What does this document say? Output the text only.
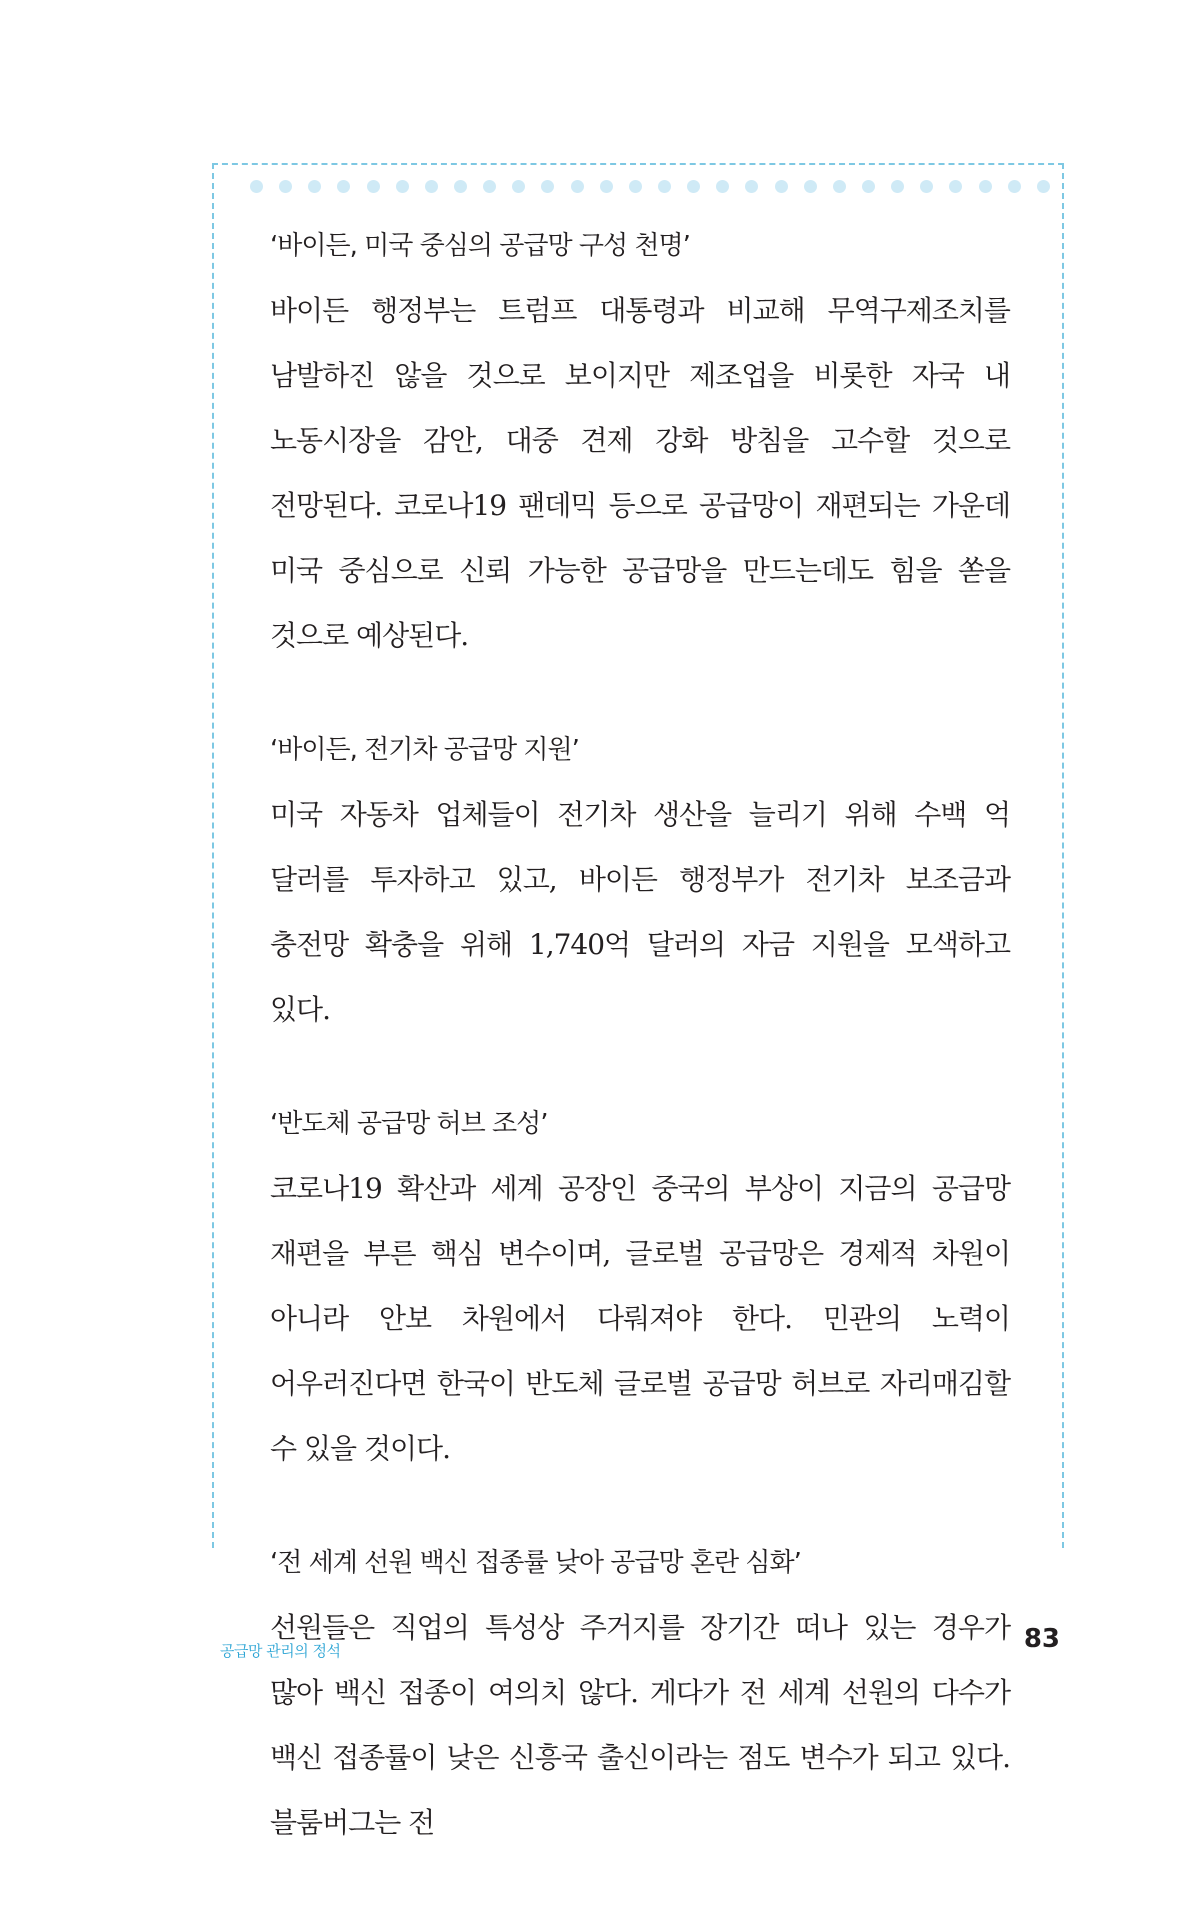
‘바이든, 미국 중심의 공급망 구성 천명’

바이든 행정부는 트럼프 대통령과 비교해 무역구제조치를 남발하진 않을 것으로 보이지만 제조업을 비롯한 자국 내 노동시장을 감안, 대중 견제 강화 방침을 고수할 것으로 전망된다. 코로나19 팬데믹 등으로 공급망이 재편되는 가운데 미국 중심으로 신뢰 가능한 공급망을 만드는데도 힘을 쏟을 것으로 예상된다.

‘바이든, 전기차 공급망 지원’

미국 자동차 업체들이 전기차 생산을 늘리기 위해 수백 억 달러를 투자하고 있고, 바이든 행정부가 전기차 보조금과 충전망 확충을 위해 1,740억 달러의 자금 지원을 모색하고 있다.

‘반도체 공급망 허브 조성’

코로나19 확산과 세계 공장인 중국의 부상이 지금의 공급망 재편을 부른 핵심 변수이며, 글로벌 공급망은 경제적 차원이 아니라 안보 차원에서 다뤄져야 한다. 민관의 노력이 어우러진다면 한국이 반도체 글로벌 공급망 허브로 자리매김할 수 있을 것이다.

‘전 세계 선원 백신 접종률 낮아 공급망 혼란 심화’

선원들은 직업의 특성상 주거지를 장기간 떠나 있는 경우가 많아 백신 접종이 여의치 않다. 게다가 전 세계 선원의 다수가 백신 접종률이 낮은 신흥국 출신이라는 점도 변수가 되고 있다. 블룸버그는 전

공급망 관리의 정석	83
